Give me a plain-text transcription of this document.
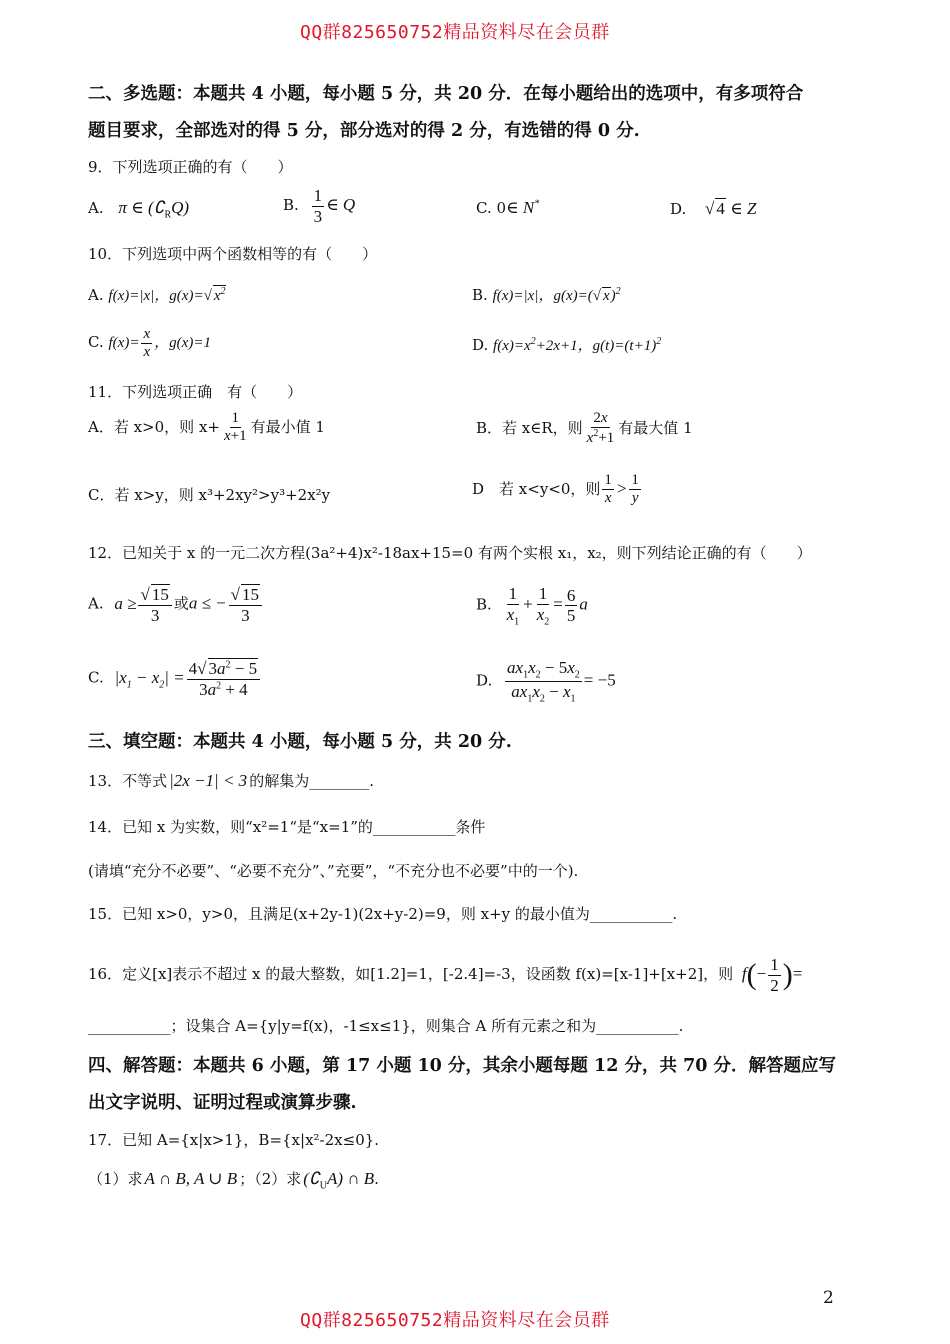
QQ群825650752精品资料尽在会员群
二、多选题：本题共 4 小题，每小题 5 分，共 20 分．在每小题给出的选项中，有多项符合
题目要求，全部选对的得 5 分，部分选对的得 2 分，有选错的得 0 分.
9．下列选项正确的有（　　）
A. π ∈ $(∁_RQ)$	B. $\frac{1}{3}$ ∈ Q	C. 0∈ N*	D. √ 4 ∈ Z
10．下列选项中两个函数相等的有（　　）
A. f(x)=|x|，g(x)=√ $x^2$	B. f(x)=|x|，g(x)=(√ x)$^2$
C. $f(x)= \frac{x}{x}$ ，g(x)=1	D. $f(x)=x^2+2x+1$，$g(t)=(t+1)^2$
11．下列选项正确　有（　　）
A．若 x>0，则 $x+ \frac{1}{x+1}$ 有最小值 1	B．若 x∈R，则 $\frac{2x}{x^2+1}$ 有最大值 1
C．若 x>y，则 x³+2xy²>y³+2x²y	D　若 x<y<0，则 $\frac{1}{x} > \frac{1}{y}$
12．已知关于 x 的一元二次方程(3a²+4)x²-18ax+15=0 有两个实根 x₁，x₂，则下列结论正确的有（　　）
A. $a \ge \frac{√ 15}{3}$ 或a ≤ − $\frac{√ 15}{3}$	B. $\frac{1}{x_1} + \frac{1}{x_2} = \frac{6}{5}$ a
C. $|x_1 - x_2| = \frac{4√ 3a^2 - 5}{3a^2 + 4}$	D. $\frac{ax_1x_2 - 5x_2}{ax_1x_2 - x_1} = -5$
三、填空题：本题共 4 小题，每小题 5 分，共 20 分.
13．不等式 |2x −1| < 3 的解集为________.
14．已知 x 为实数，则“x²=1“是“x=1”的___________条件
(请填“充分不必要”、“必要不充分”、”充要”，“不充分也不必要”中的一个).
15．已知 x>0，y>0，且满足(x+2y-1)(2x+y-2)=9，则 x+y 的最小值为___________.
16．定义[x]表示不超过 x 的最大整数，如[1.2]=1，[-2.4]=-3，设函数 f(x)=[x-1]+[x+2]，则 $f(- \frac{1}{2}$ )=
___________；设集合 A={y|y=f(x)，-1≤x≤1}，则集合 A 所有元素之和为___________.
四、解答题：本题共 6 小题，第 17 小题 10 分，其余小题每题 12 分，共 70 分．解答题应写
出文字说明、证明过程或演算步骤.
17．已知 A={x|x>1}，B={x|x²-2x≤0}.
（1）求 A ∩ B, A ∪ B ；（2）求 $(∁_UA)$ ∩ B.
2
QQ群825650752精品资料尽在会员群
